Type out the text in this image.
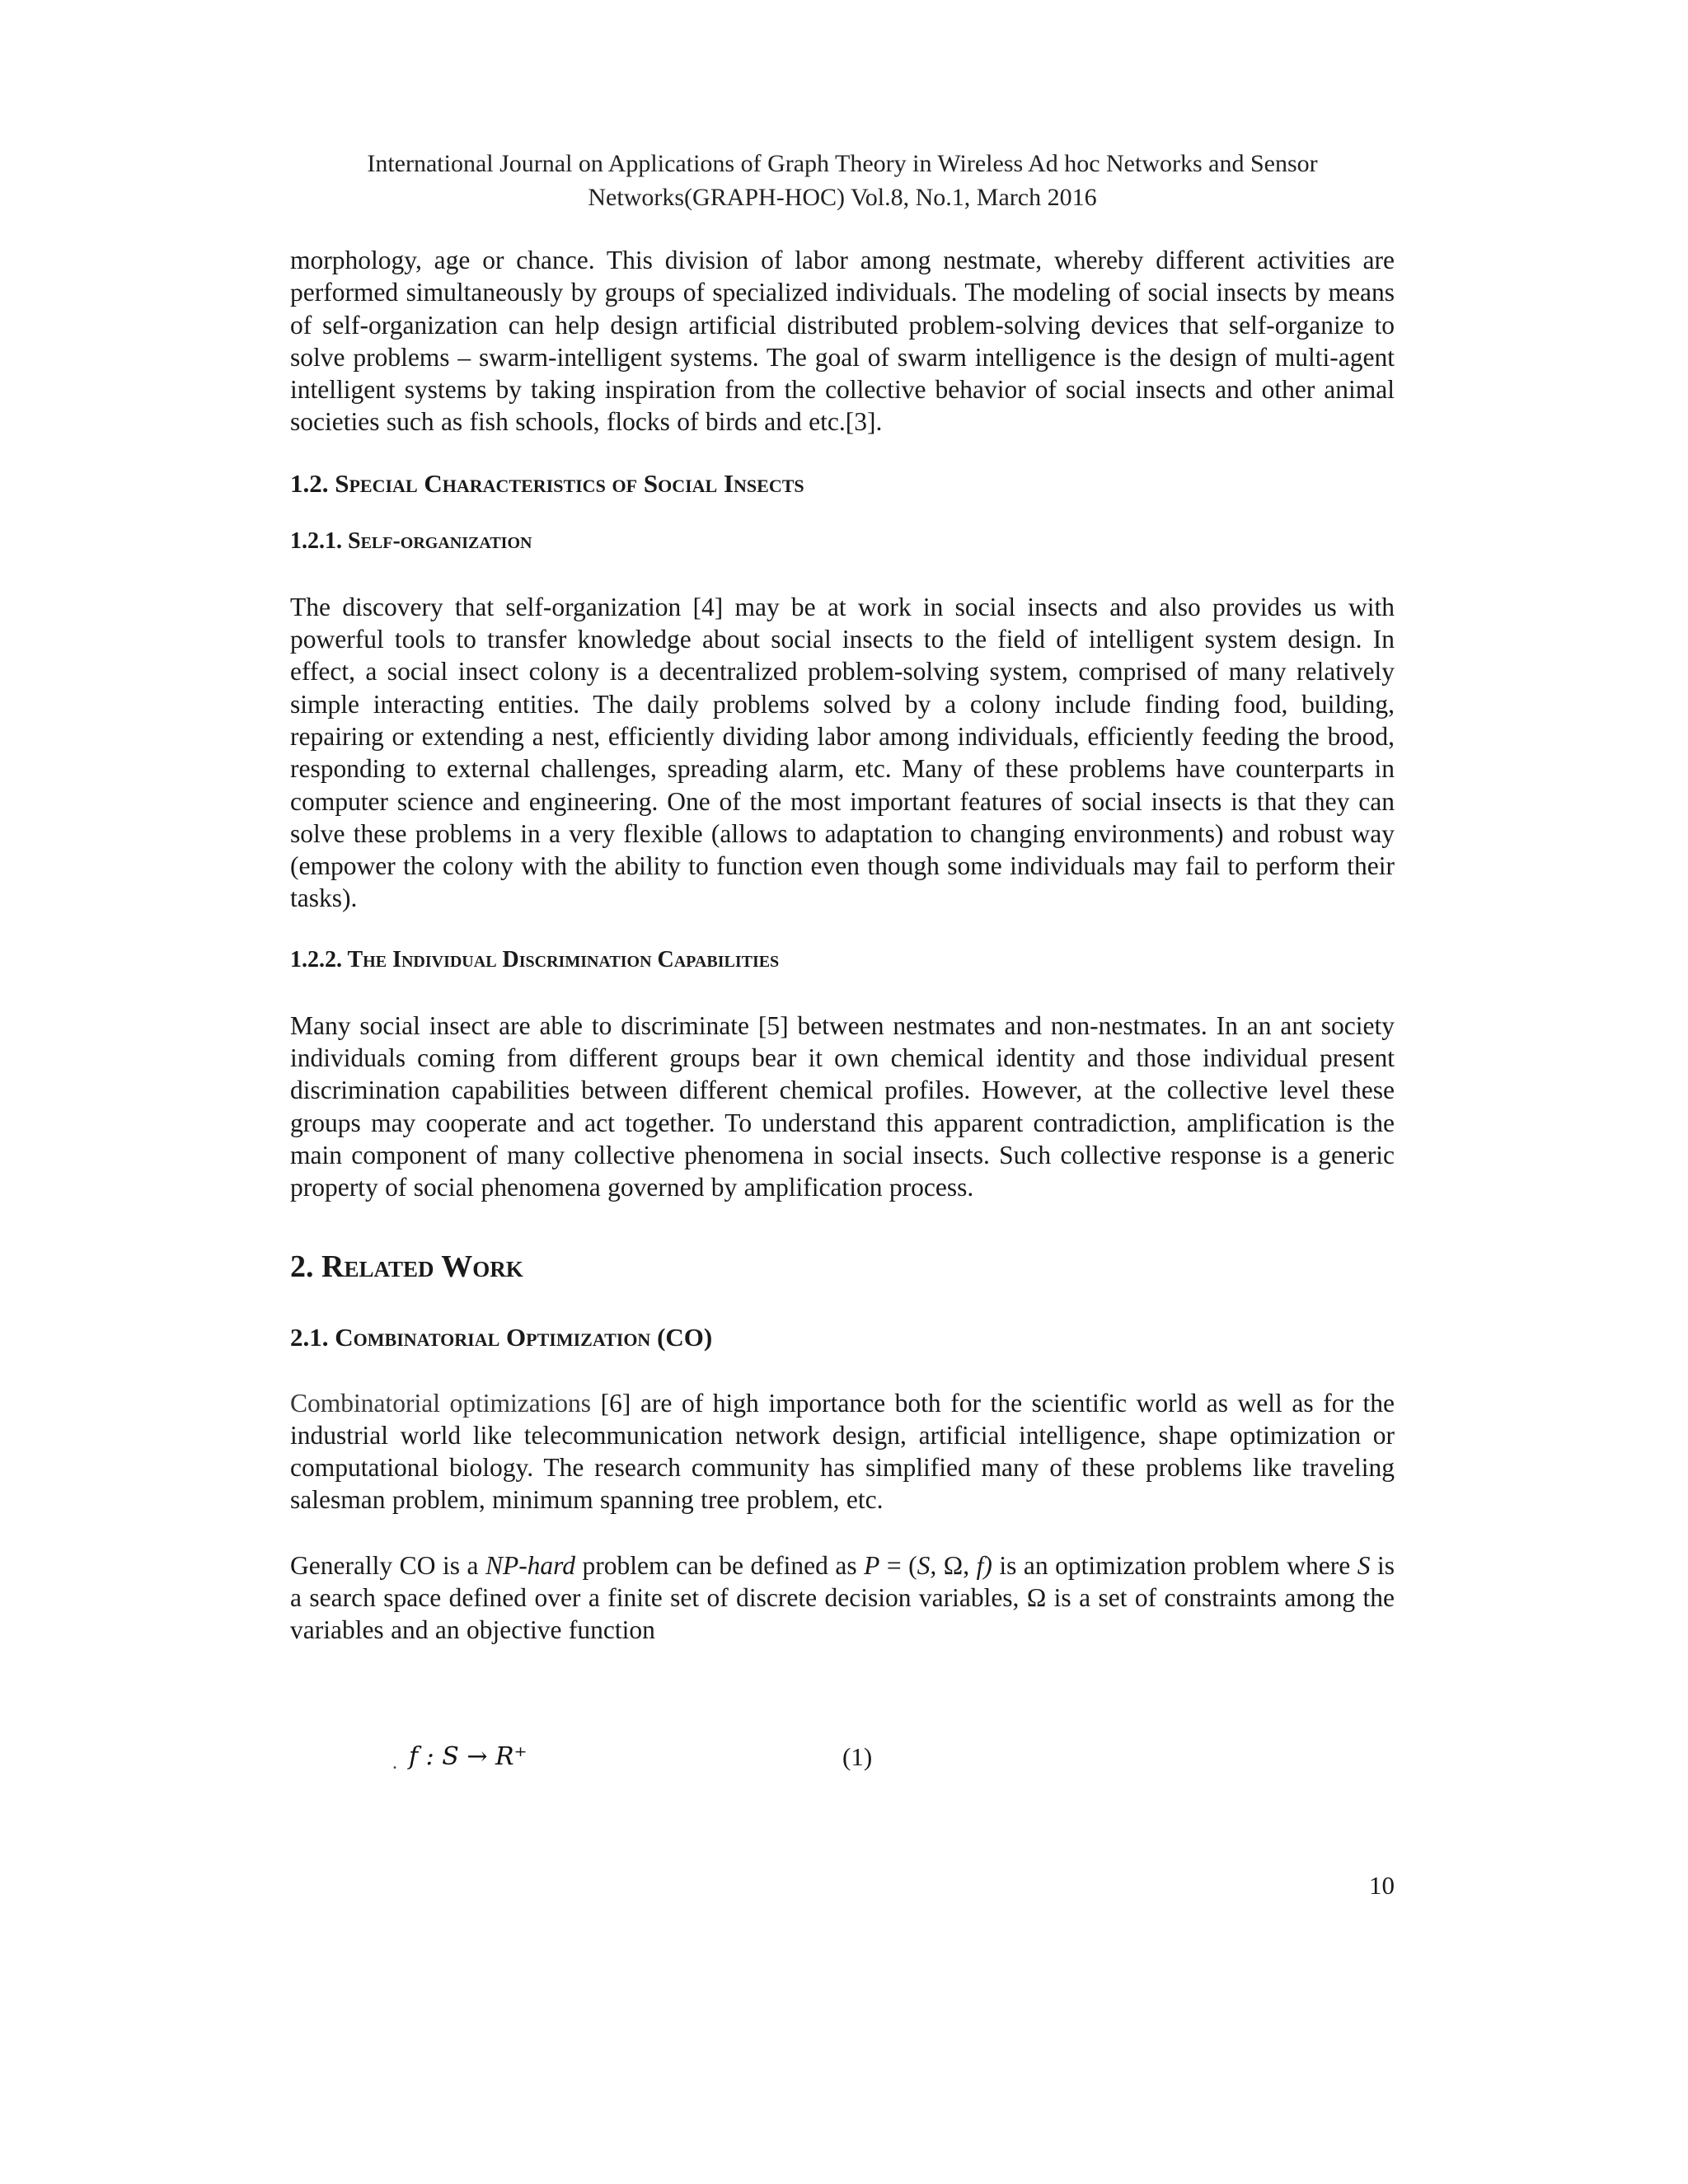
International Journal on Applications of Graph Theory in Wireless Ad hoc Networks and Sensor
Networks(GRAPH-HOC) Vol.8, No.1, March 2016

morphology, age or chance. This division of labor among nestmate, whereby different activities are performed simultaneously by groups of specialized individuals. The modeling of social insects by means of self-organization can help design artificial distributed problem-solving devices that self-organize to solve problems – swarm-intelligent systems. The goal of swarm intelligence is the design of multi-agent intelligent systems by taking inspiration from the collective behavior of social insects and other animal societies such as fish schools, flocks of birds and etc.[3].

1.2. Special Characteristics of Social Insects
1.2.1. Self-organization

The discovery that self-organization [4] may be at work in social insects and also provides us with powerful tools to transfer knowledge about social insects to the field of intelligent system design. In effect, a social insect colony is a decentralized problem-solving system, comprised of many relatively simple interacting entities. The daily problems solved by a colony include finding food, building, repairing or extending a nest, efficiently dividing labor among individuals, efficiently feeding the brood, responding to external challenges, spreading alarm, etc. Many of these problems have counterparts in computer science and engineering. One of the most important features of social insects is that they can solve these problems in a very flexible (allows to adaptation to changing environments) and robust way (empower the colony with the ability to function even though some individuals may fail to perform their tasks).

1.2.2. The Individual Discrimination Capabilities

Many social insect are able to discriminate [5] between nestmates and non-nestmates. In an ant society individuals coming from different groups bear it own chemical identity and those individual present discrimination capabilities between different chemical profiles. However, at the collective level these groups may cooperate and act together. To understand this apparent contradiction, amplification is the main component of many collective phenomena in social insects. Such collective response is a generic property of social phenomena governed by amplification process.

2. Related Work
2.1. Combinatorial Optimization (CO)

Combinatorial optimizations [6] are of high importance both for the scientific world as well as for the industrial world like telecommunication network design, artificial intelligence, shape optimization or computational biology. The research community has simplified many of these problems like traveling salesman problem, minimum spanning tree problem, etc.

Generally CO is a NP-hard problem can be defined as P = (S, Ω, f) is an optimization problem where S is a search space defined over a finite set of discrete decision variables, Ω is a set of constraints among the variables and an objective function

. f : S → R⁺	(1)
10
